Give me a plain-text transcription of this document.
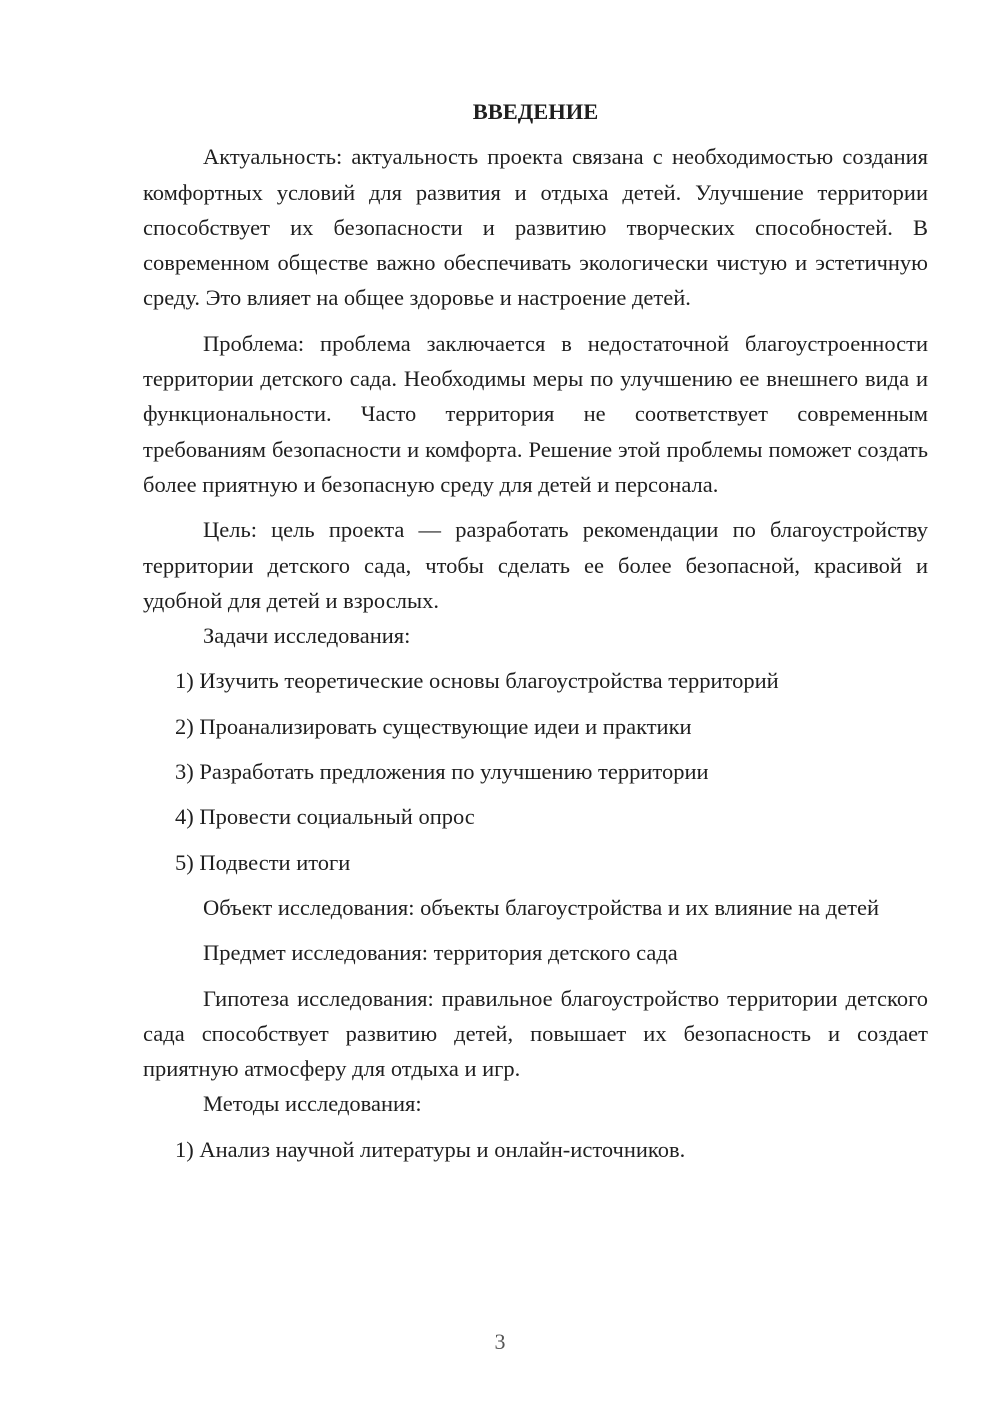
ВВЕДЕНИЕ

Актуальность: актуальность проекта связана с необходимостью создания комфортных условий для развития и отдыха детей. Улучшение территории способствует их безопасности и развитию творческих способностей. В современном обществе важно обеспечивать экологически чистую и эстетичную среду. Это влияет на общее здоровье и настроение детей.

Проблема: проблема заключается в недостаточной благоустроенности территории детского сада. Необходимы меры по улучшению ее внешнего вида и функциональности. Часто территория не соответствует современным требованиям безопасности и комфорта. Решение этой проблемы поможет создать более приятную и безопасную среду для детей и персонала.

Цель: цель проекта — разработать рекомендации по благоустройству территории детского сада, чтобы сделать ее более безопасной, красивой и удобной для детей и взрослых.

Задачи исследования:

1) Изучить теоретические основы благоустройства территорий
2) Проанализировать существующие идеи и практики
3) Разработать предложения по улучшению территории
4) Провести социальный опрос
5) Подвести итоги

Объект исследования: объекты благоустройства и их влияние на детей

Предмет исследования: территория детского сада

Гипотеза исследования: правильное благоустройство территории детского сада способствует развитию детей, повышает их безопасность и создает приятную атмосферу для отдыха и игр.

Методы исследования:

1) Анализ научной литературы и онлайн-источников.
3
